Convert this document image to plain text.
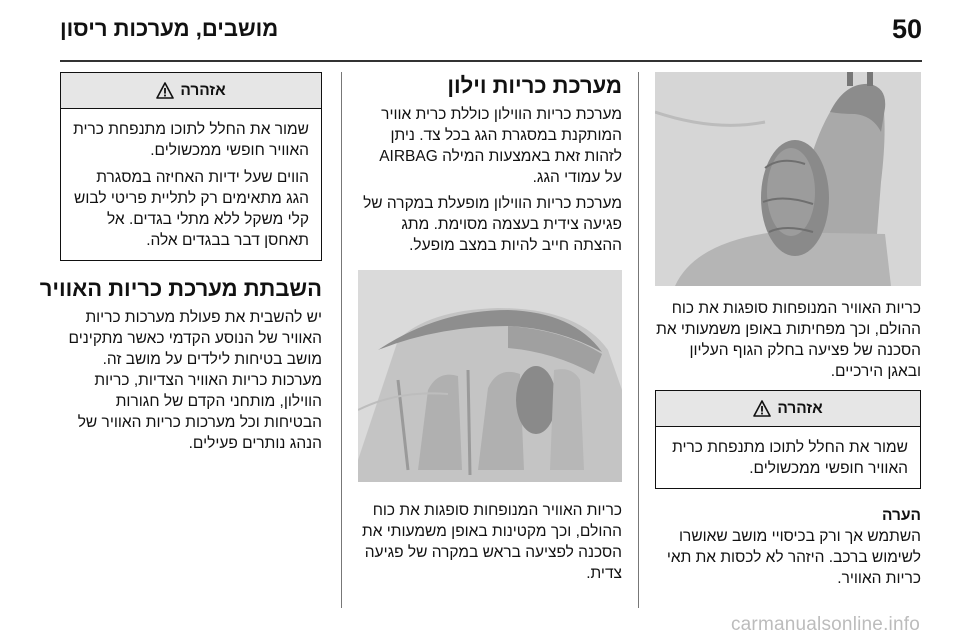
50
מושבים, מערכות ריסון

כריות האוויר המנופחות סופגות את כוח ההולם, וכך מפחיתות באופן משמעותי את הסכנה של פציעה בחלק הגוף העליון ובאגן הירכיים.

אזהרה

שמור את החלל לתוכו מתנפחת כרית האוויר חופשי ממכשולים.

הערה

השתמש אך ורק בכיסויי מושב שאושרו לשימוש ברכב. היזהר לא לכסות את תאי כריות האוויר.

מערכת כריות וילון

מערכת כריות הווילון כוללת כרית אוויר המותקנת במסגרת הגג בכל צד. ניתן לזהות זאת באמצעות המילה AIRBAG על עמודי הגג.

מערכת כריות הווילון מופעלת במקרה של פגיעה צידית בעצמה מסוימת. מתג ההצתה חייב להיות במצב מופעל.

כריות האוויר המנופחות סופגות את כוח ההולם, וכך מקטינות באופן משמעותי את הסכנה לפציעה בראש במקרה של פגיעה צדית.

אזהרה

שמור את החלל לתוכו מתנפחת כרית האוויר חופשי ממכשולים.

הווים שעל ידיות האחיזה במסגרת הגג מתאימים רק לתליית פריטי לבוש קלי משקל ללא מתלי בגדים. אל תאחסן דבר בבגדים אלה.

השבתת מערכת כריות האוויר

יש להשבית את פעולת מערכות כריות האוויר של הנוסע הקדמי כאשר מתקינים מושב בטיחות לילדים על מושב זה. מערכות כריות האוויר הצדיות, כריות הווילון, מותחני הקדם של חגורות הבטיחות וכל מערכות כריות האוויר של הנהג נותרים פעילים.

carmanualsonline.info
